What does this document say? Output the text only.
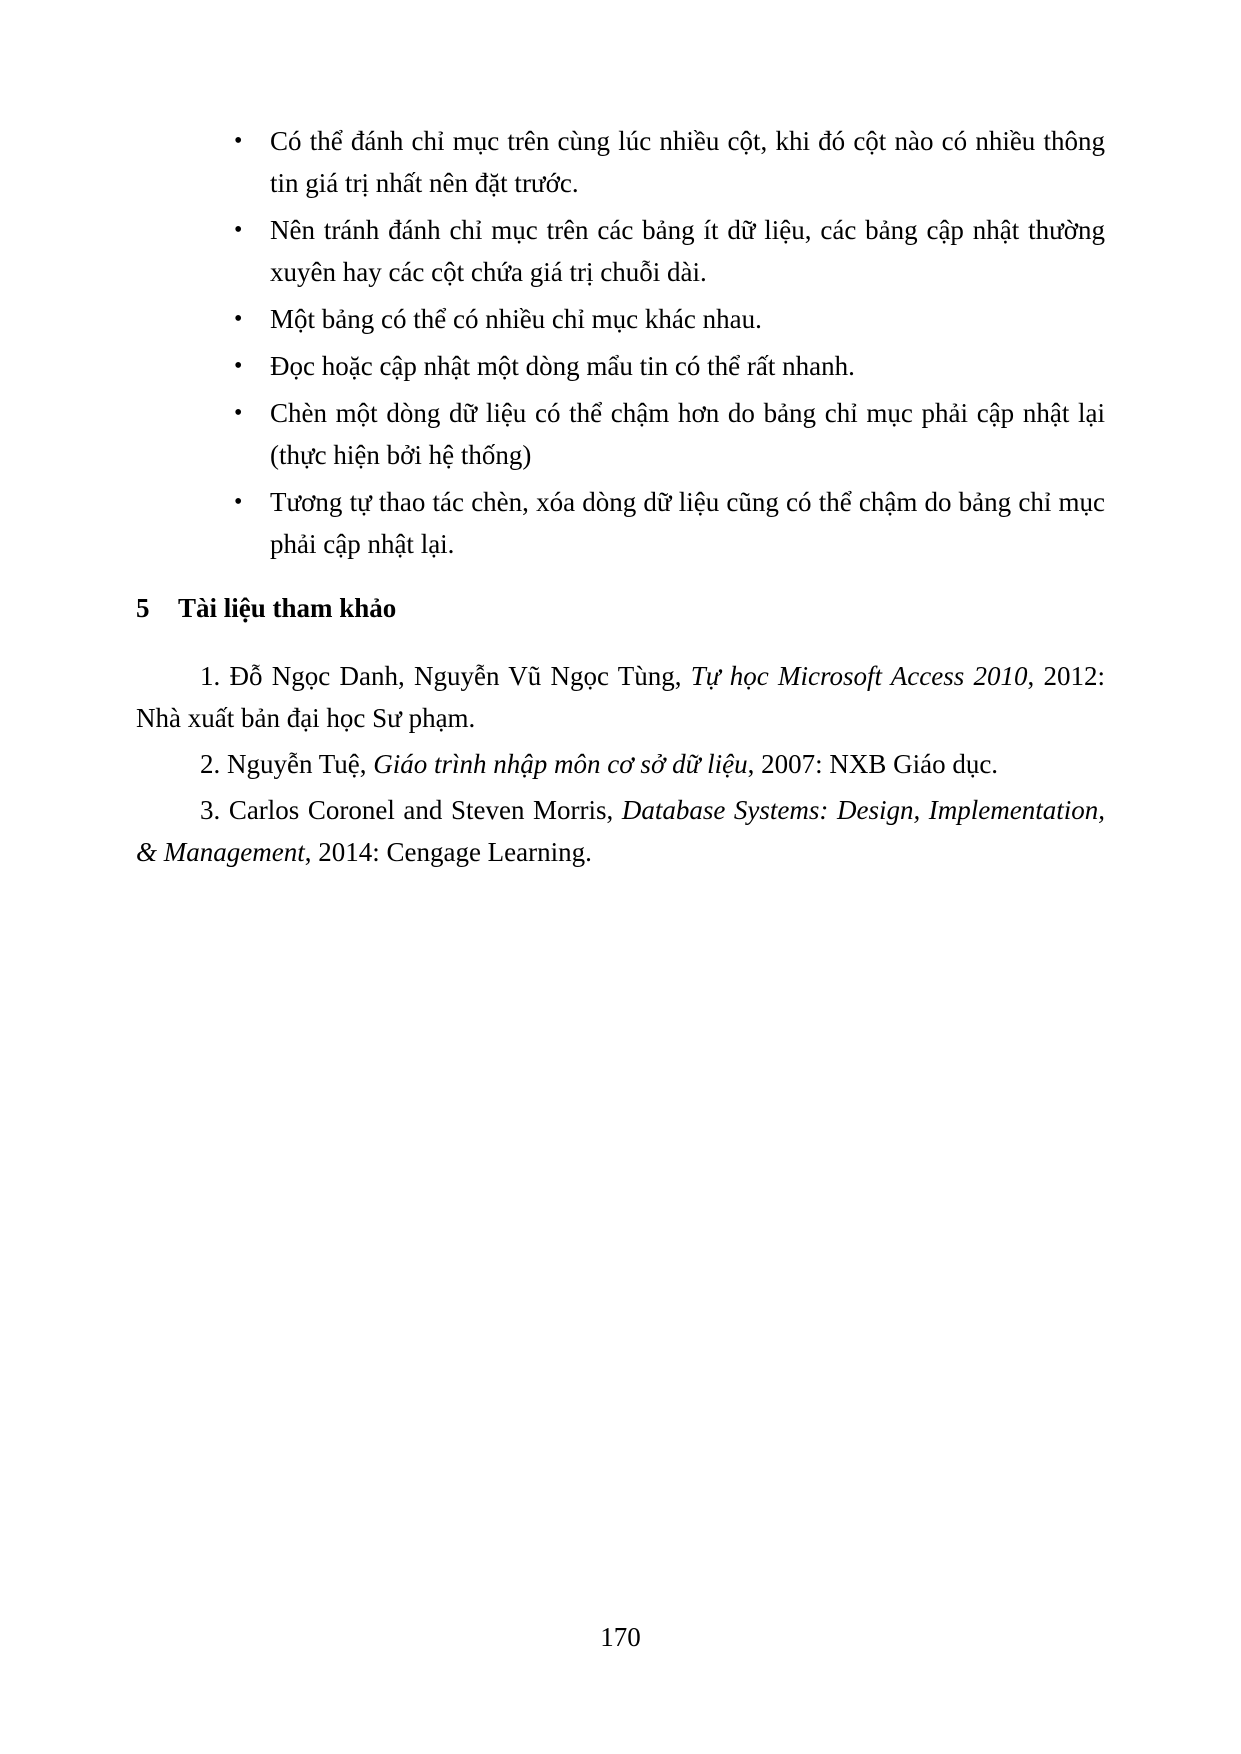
• Có thể đánh chỉ mục trên cùng lúc nhiều cột, khi đó cột nào có nhiều thông tin giá trị nhất nên đặt trước.
• Nên tránh đánh chỉ mục trên các bảng ít dữ liệu, các bảng cập nhật thường xuyên hay các cột chứa giá trị chuỗi dài.
• Một bảng có thể có nhiều chỉ mục khác nhau.
• Đọc hoặc cập nhật một dòng mẩu tin có thể rất nhanh.
• Chèn một dòng dữ liệu có thể chậm hơn do bảng chỉ mục phải cập nhật lại (thực hiện bởi hệ thống)
• Tương tự thao tác chèn, xóa dòng dữ liệu cũng có thể chậm do bảng chỉ mục phải cập nhật lại.
5 Tài liệu tham khảo

1. Đỗ Ngọc Danh, Nguyễn Vũ Ngọc Tùng, Tự học Microsoft Access 2010, 2012: Nhà xuất bản đại học Sư phạm.

2. Nguyễn Tuệ, Giáo trình nhập môn cơ sở dữ liệu, 2007: NXB Giáo dục.

3. Carlos Coronel and Steven Morris, Database Systems: Design, Implementation, & Management, 2014: Cengage Learning.

170
